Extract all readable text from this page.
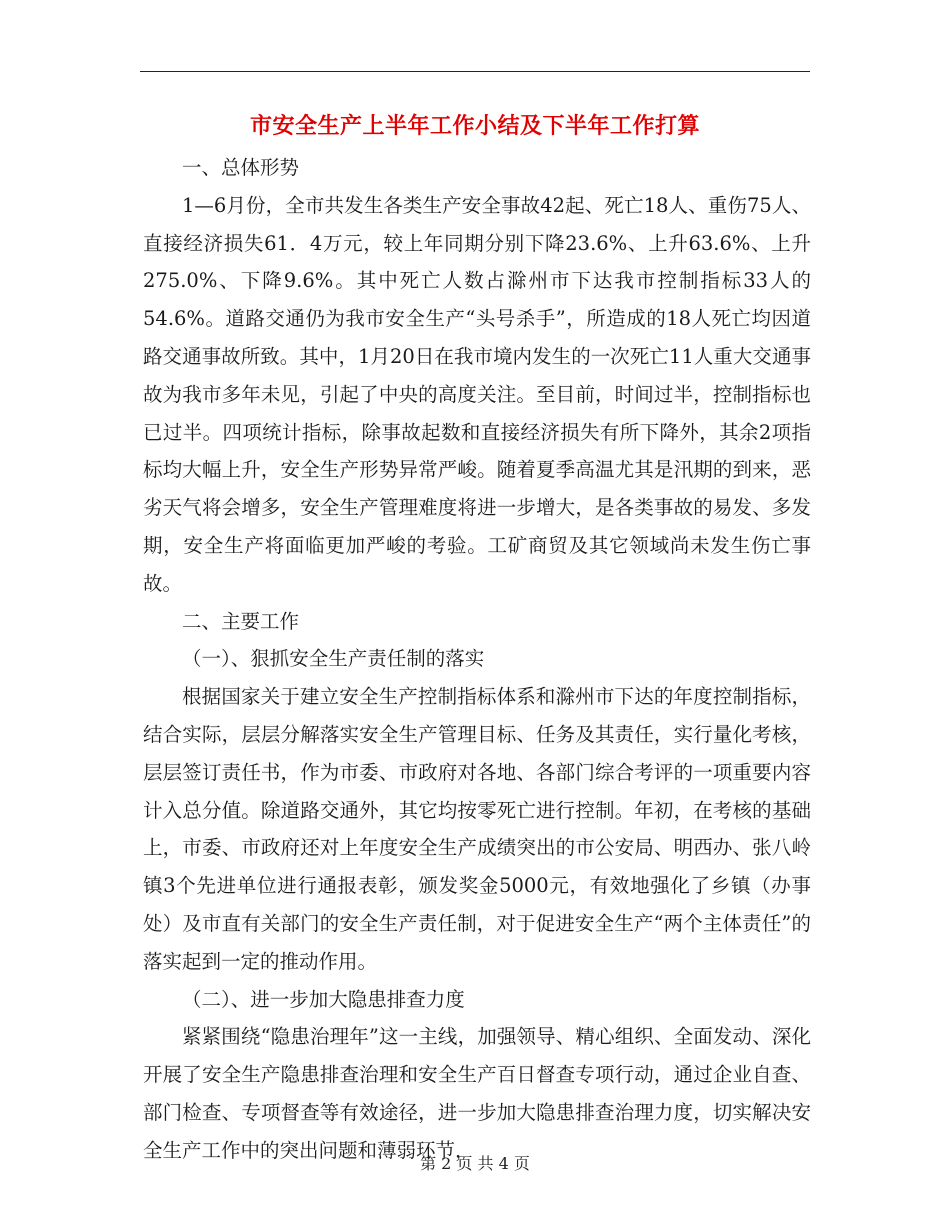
市安全生产上半年工作小结及下半年工作打算

一、总体形势

1—6月份，全市共发生各类生产安全事故42起、死亡18人、重伤75人、直接经济损失61．4万元，较上年同期分别下降23.6%、上升63.6%、上升275.0%、下降9.6%。其中死亡人数占滁州市下达我市控制指标33人的54.6%。道路交通仍为我市安全生产“头号杀手”，所造成的18人死亡均因道路交通事故所致。其中，1月20日在我市境内发生的一次死亡11人重大交通事故为我市多年未见，引起了中央的高度关注。至目前，时间过半，控制指标也已过半。四项统计指标，除事故起数和直接经济损失有所下降外，其余2项指标均大幅上升，安全生产形势异常严峻。随着夏季高温尤其是汛期的到来，恶劣天气将会增多，安全生产管理难度将进一步增大，是各类事故的易发、多发期，安全生产将面临更加严峻的考验。工矿商贸及其它领域尚未发生伤亡事故。

二、主要工作

（一）、狠抓安全生产责任制的落实

根据国家关于建立安全生产控制指标体系和滁州市下达的年度控制指标，结合实际，层层分解落实安全生产管理目标、任务及其责任，实行量化考核，层层签订责任书，作为市委、市政府对各地、各部门综合考评的一项重要内容计入总分值。除道路交通外，其它均按零死亡进行控制。年初，在考核的基础上，市委、市政府还对上年度安全生产成绩突出的市公安局、明西办、张八岭镇3个先进单位进行通报表彰，颁发奖金5000元，有效地强化了乡镇（办事处）及市直有关部门的安全生产责任制，对于促进安全生产“两个主体责任”的落实起到一定的推动作用。

（二）、进一步加大隐患排查力度

紧紧围绕“隐患治理年”这一主线，加强领导、精心组织、全面发动、深化开展了安全生产隐患排查治理和安全生产百日督查专项行动，通过企业自查、部门检查、专项督查等有效途径，进一步加大隐患排查治理力度，切实解决安全生产工作中的突出问题和薄弱环节，

第 2 页 共 4 页
